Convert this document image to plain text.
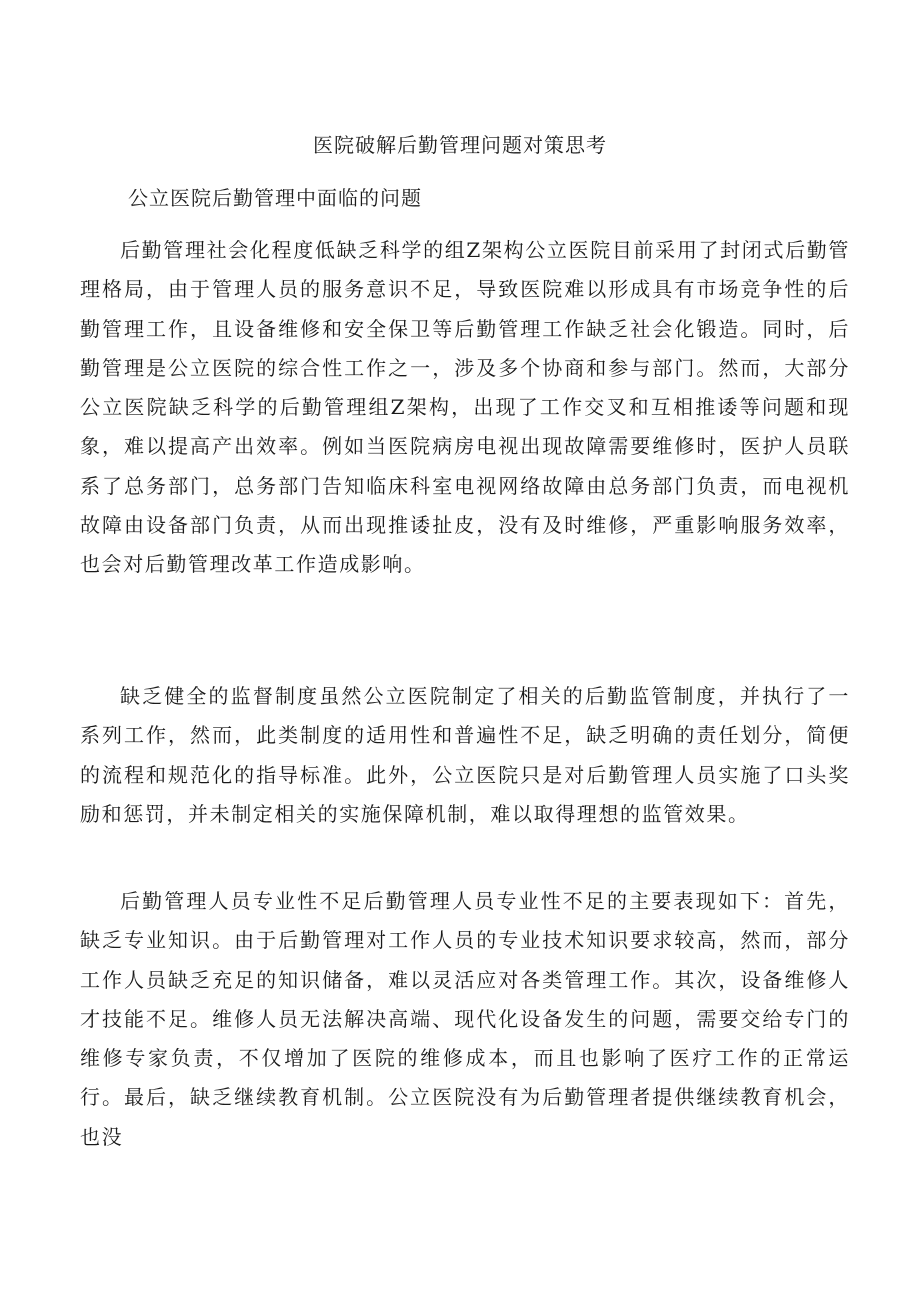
医院破解后勤管理问题对策思考
公立医院后勤管理中面临的问题

后勤管理社会化程度低缺乏科学的组Z架构公立医院目前采用了封闭式后勤管理格局，由于管理人员的服务意识不足，导致医院难以形成具有市场竞争性的后勤管理工作，且设备维修和安全保卫等后勤管理工作缺乏社会化锻造。同时，后勤管理是公立医院的综合性工作之一，涉及多个协商和参与部门。然而，大部分公立医院缺乏科学的后勤管理组Z架构，出现了工作交叉和互相推诿等问题和现象，难以提高产出效率。例如当医院病房电视出现故障需要维修时，医护人员联系了总务部门，总务部门告知临床科室电视网络故障由总务部门负责，而电视机故障由设备部门负责，从而出现推诿扯皮，没有及时维修，严重影响服务效率，也会对后勤管理改革工作造成影响。

缺乏健全的监督制度虽然公立医院制定了相关的后勤监管制度，并执行了一系列工作，然而，此类制度的适用性和普遍性不足，缺乏明确的责任划分，简便的流程和规范化的指导标准。此外，公立医院只是对后勤管理人员实施了口头奖励和惩罚，并未制定相关的实施保障机制，难以取得理想的监管效果。

后勤管理人员专业性不足后勤管理人员专业性不足的主要表现如下：首先，缺乏专业知识。由于后勤管理对工作人员的专业技术知识要求较高，然而，部分工作人员缺乏充足的知识储备，难以灵活应对各类管理工作。其次，设备维修人才技能不足。维修人员无法解决高端、现代化设备发生的问题，需要交给专门的维修专家负责，不仅增加了医院的维修成本，而且也影响了医疗工作的正常运行。最后，缺乏继续教育机制。公立医院没有为后勤管理者提供继续教育机会，也没
